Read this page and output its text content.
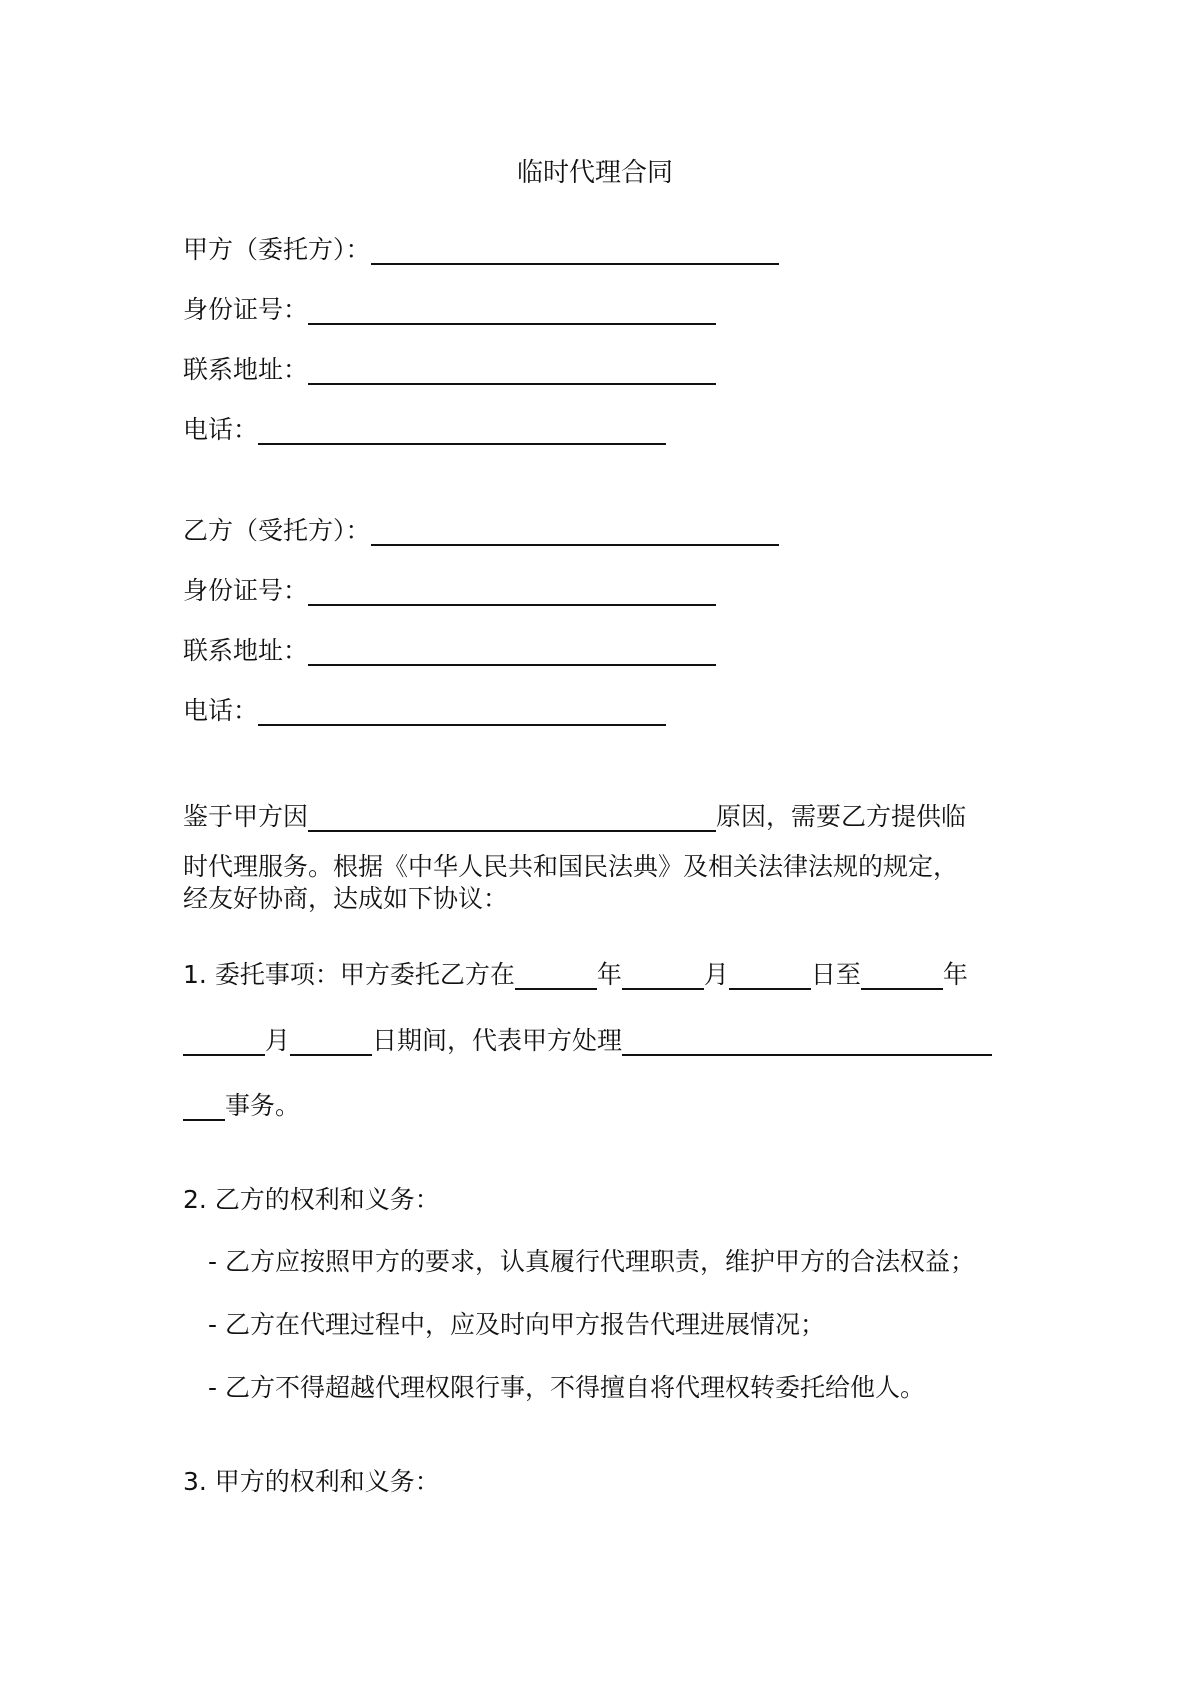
临时代理合同
甲方（委托方）：
身份证号：
联系地址：
电话：
乙方（受托方）：
身份证号：
联系地址：
电话：
鉴于甲方因	原因，需要乙方提供临
时代理服务。根据《中华人民共和国民法典》及相关法律法规的规定，
经友好协商，达成如下协议：
1. 委托事项：甲方委托乙方在	年	月	日至	年
月	日期间，代表甲方处理
事务。
2. 乙方的权利和义务：
- 乙方应按照甲方的要求，认真履行代理职责，维护甲方的合法权益；
- 乙方在代理过程中，应及时向甲方报告代理进展情况；
- 乙方不得超越代理权限行事，不得擅自将代理权转委托给他人。
3. 甲方的权利和义务：
